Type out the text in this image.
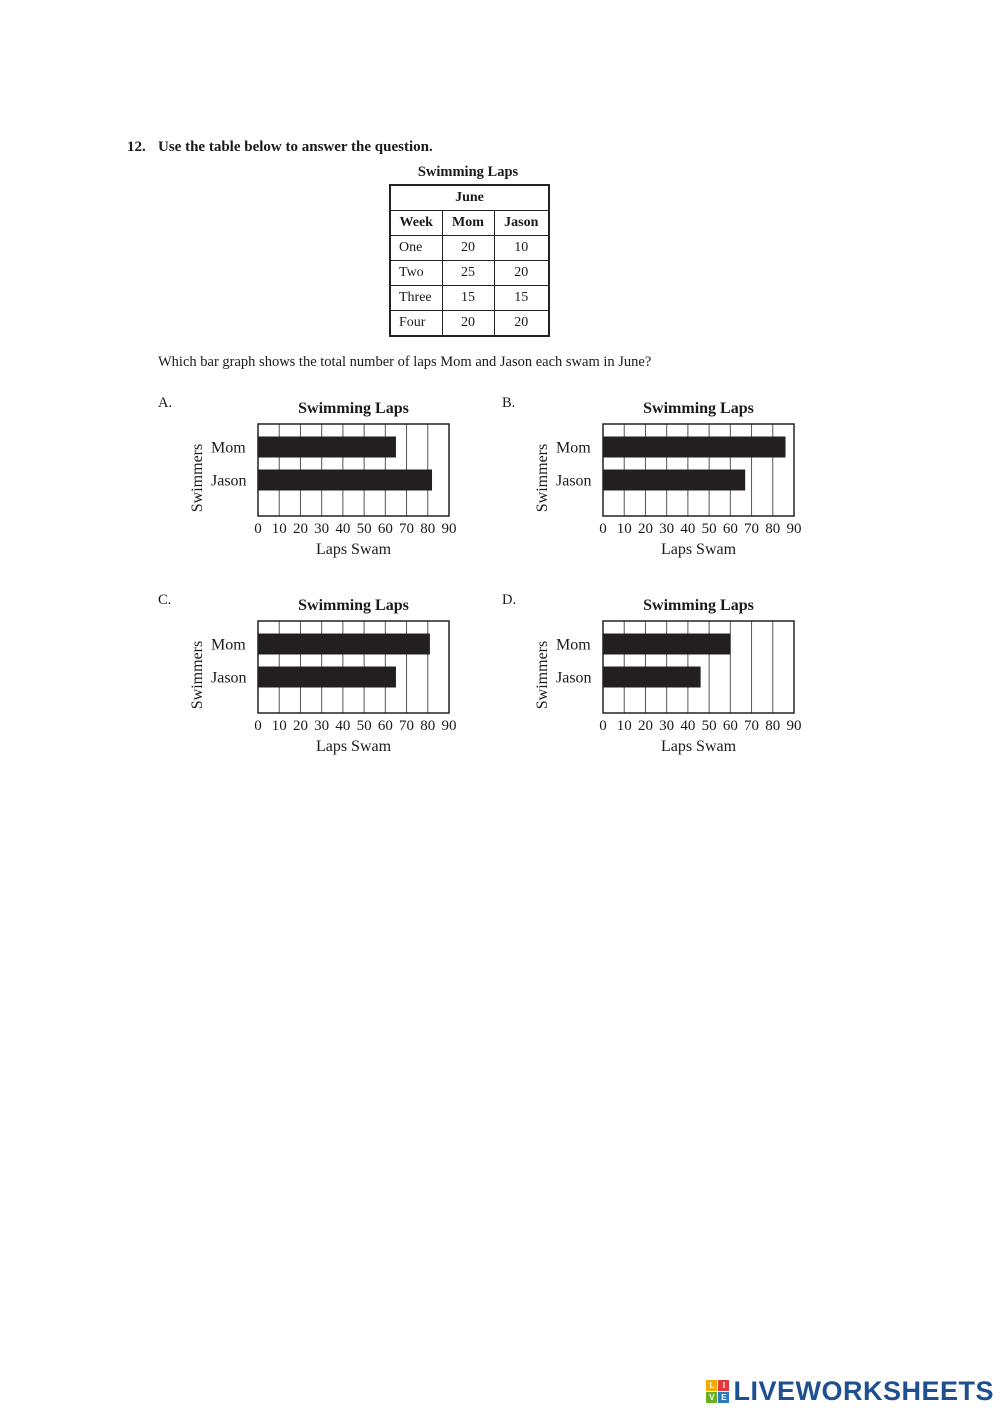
12. Use the table below to answer the question.
Swimming Laps
June		
Week	Mom	Jason
One	20	10
Two	25	20
Three	15	15
Four	20	20
Which bar graph shows the total number of laps Mom and Jason each swam in June?
A.	B.
C.	D.
Swimming Laps
Mom
Jason
Swimmers
0 10 20 30 40 50 60 70 80 90
Laps Swam
Swimming Laps
Mom
Jason
Swimmers
0 10 20 30 40 50 60 70 80 90
Laps Swam
Swimming Laps
Mom
Jason
Swimmers
0 10 20 30 40 50 60 70 80 90
Laps Swam
Swimming Laps
Mom
Jason
Swimmers
0 10 20 30 40 50 60 70 80 90
Laps Swam
L	I
V E LIVEWORKSHEETS
